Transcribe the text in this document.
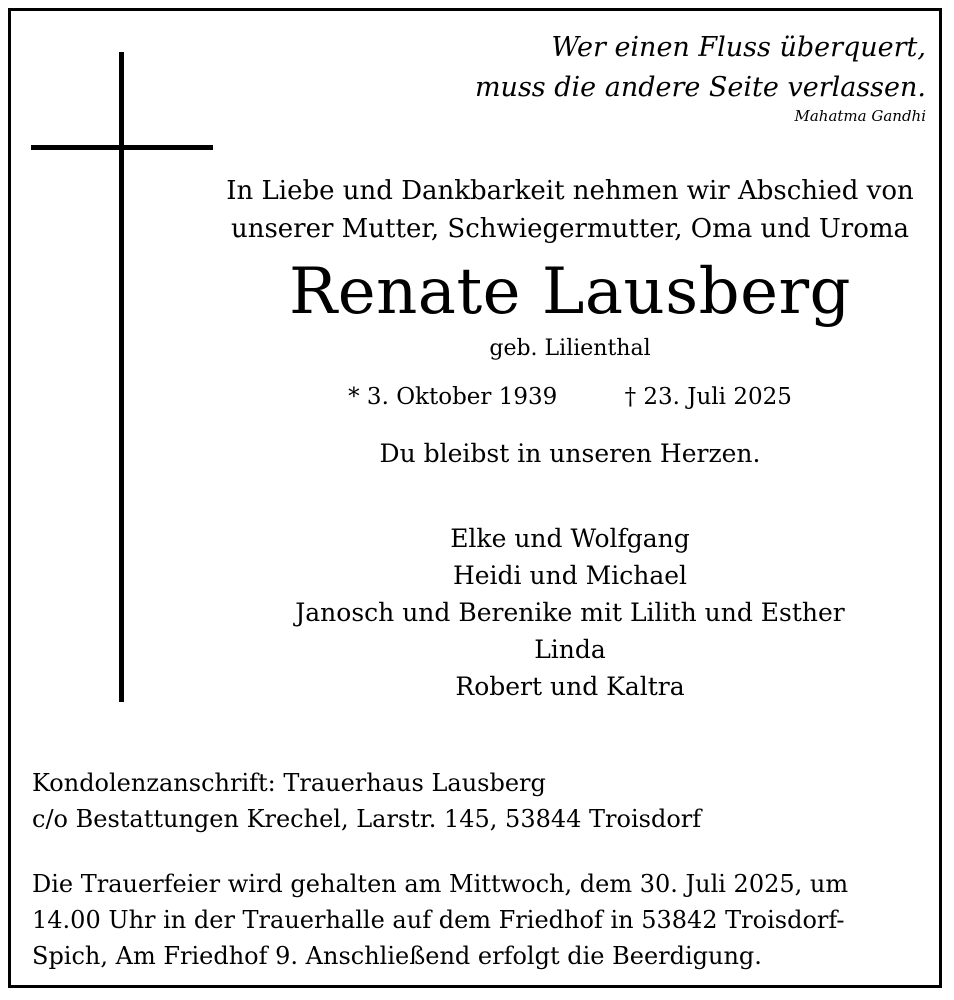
Wer einen Fluss überquert,
muss die andere Seite verlassen.
Mahatma Gandhi
In Liebe und Dankbarkeit nehmen wir Abschied von
unserer Mutter, Schwiegermutter, Oma und Uroma
Renate Lausberg
geb. Lilienthal
* 3. Oktober 1939	† 23. Juli 2025
Du bleibst in unseren Herzen.
Elke und Wolfgang
Heidi und Michael
Janosch und Berenike mit Lilith und Esther
Linda
Robert und Kaltra
Kondolenzanschrift: Trauerhaus Lausberg
c/o Bestattungen Krechel, Larstr. 145, 53844 Troisdorf
Die Trauerfeier wird gehalten am Mittwoch, dem 30. Juli 2025, um
14.00 Uhr in der Trauerhalle auf dem Friedhof in 53842 Troisdorf-
Spich, Am Friedhof 9. Anschließend erfolgt die Beerdigung.
